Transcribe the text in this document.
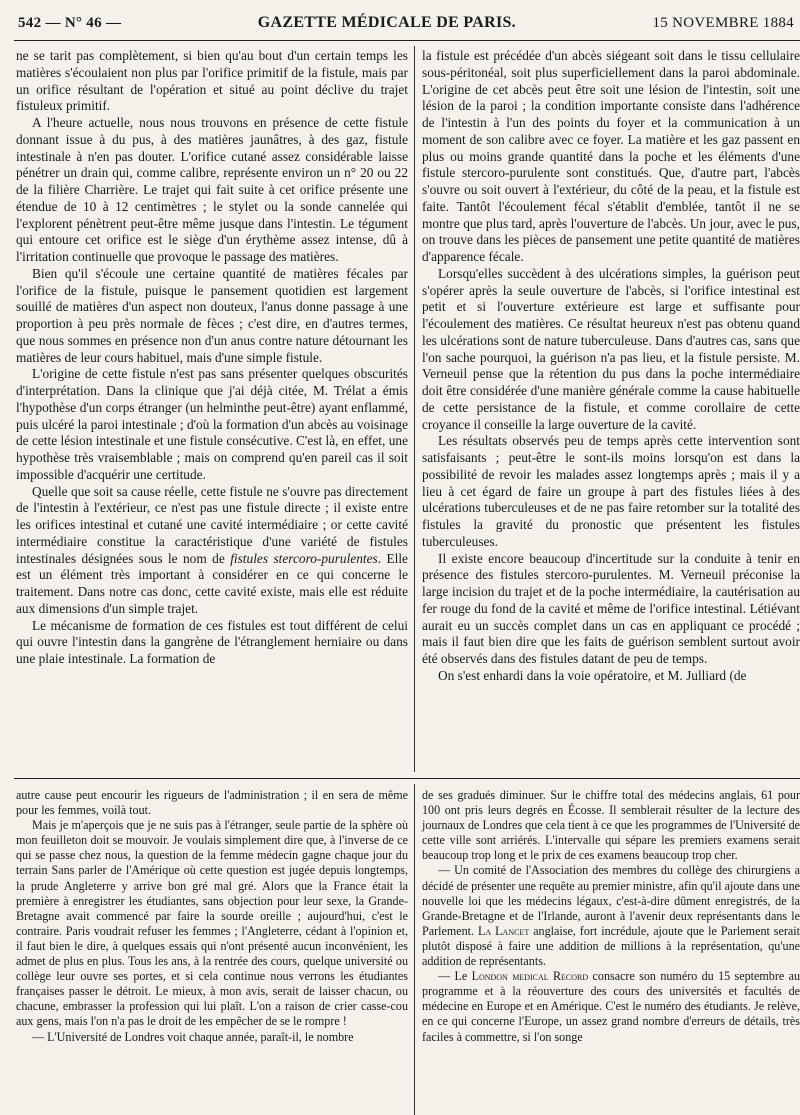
542 — N° 46 —	GAZETTE MÉDICALE DE PARIS.	15 NOVEMBRE 1884

ne se tarit pas complètement, si bien qu'au bout d'un certain temps les matières s'écoulaient non plus par l'orifice primitif de la fistule, mais par un orifice résultant de l'opération et situé au point déclive du trajet fistuleux primitif.

A l'heure actuelle, nous nous trouvons en présence de cette fistule donnant issue à du pus, à des matières jaunâtres, à des gaz, fistule intestinale à n'en pas douter. L'orifice cutané assez considérable laisse pénétrer un drain qui, comme calibre, représente environ un n° 20 ou 22 de la filière Charrière. Le trajet qui fait suite à cet orifice présente une étendue de 10 à 12 centimètres ; le stylet ou la sonde cannelée qui l'explorent pénètrent peut-être même jusque dans l'intestin. Le tégument qui entoure cet orifice est le siège d'un érythème assez intense, dû à l'irritation continuelle que provoque le passage des matières.

Bien qu'il s'écoule une certaine quantité de matières fécales par l'orifice de la fistule, puisque le pansement quotidien est largement souillé de matières d'un aspect non douteux, l'anus donne passage à une proportion à peu près normale de fèces ; c'est dire, en d'autres termes, que nous sommes en présence non d'un anus contre nature détournant les matières de leur cours habituel, mais d'une simple fistule.

L'origine de cette fistule n'est pas sans présenter quelques obscurités d'interprétation. Dans la clinique que j'ai déjà citée, M. Trélat a émis l'hypothèse d'un corps étranger (un helminthe peut-être) ayant enflammé, puis ulcéré la paroi intestinale ; d'où la formation d'un abcès au voisinage de cette lésion intestinale et une fistule consécutive. C'est là, en effet, une hypothèse très vraisemblable ; mais on comprend qu'en pareil cas il soit impossible d'acquérir une certitude.

Quelle que soit sa cause réelle, cette fistule ne s'ouvre pas directement de l'intestin à l'extérieur, ce n'est pas une fistule directe ; il existe entre les orifices intestinal et cutané une cavité intermédiaire ; or cette cavité intermédiaire constitue la caractéristique d'une variété de fistules intestinales désignées sous le nom de fistules stercoro-purulentes. Elle est un élément très important à considérer en ce qui concerne le traitement. Dans notre cas donc, cette cavité existe, mais elle est réduite aux dimensions d'un simple trajet.

Le mécanisme de formation de ces fistules est tout différent de celui qui ouvre l'intestin dans la gangrène de l'étranglement herniaire ou dans une plaie intestinale. La formation de

la fistule est précédée d'un abcès siégeant soit dans le tissu cellulaire sous-péritonéal, soit plus superficiellement dans la paroi abdominale. L'origine de cet abcès peut être soit une lésion de l'intestin, soit une lésion de la paroi ; la condition importante consiste dans l'adhérence de l'intestin à l'un des points du foyer et la communication à un moment de son calibre avec ce foyer. La matière et les gaz passent en plus ou moins grande quantité dans la poche et les éléments d'une fistule stercoro-purulente sont constitués. Que, d'autre part, l'abcès s'ouvre ou soit ouvert à l'extérieur, du côté de la peau, et la fistule est faite. Tantôt l'écoulement fécal s'établit d'emblée, tantôt il ne se montre que plus tard, après l'ouverture de l'abcès. Un jour, avec le pus, on trouve dans les pièces de pansement une petite quantité de matières d'apparence fécale.

Lorsqu'elles succèdent à des ulcérations simples, la guérison peut s'opérer après la seule ouverture de l'abcès, si l'orifice intestinal est petit et si l'ouverture extérieure est large et suffisante pour l'écoulement des matières. Ce résultat heureux n'est pas obtenu quand les ulcérations sont de nature tuberculeuse. Dans d'autres cas, sans que l'on sache pourquoi, la guérison n'a pas lieu, et la fistule persiste. M. Verneuil pense que la rétention du pus dans la poche intermédiaire doit être considérée d'une manière générale comme la cause habituelle de cette persistance de la fistule, et comme corollaire de cette croyance il conseille la large ouverture de la cavité.

Les résultats observés peu de temps après cette intervention sont satisfaisants ; peut-être le sont-ils moins lorsqu'on est dans la possibilité de revoir les malades assez longtemps après ; mais il y a lieu à cet égard de faire un groupe à part des fistules liées à des ulcérations tuberculeuses et de ne pas faire retomber sur la totalité des fistules la gravité du pronostic que présentent les fistules tuberculeuses.

Il existe encore beaucoup d'incertitude sur la conduite à tenir en présence des fistules stercoro-purulentes. M. Verneuil préconise la large incision du trajet et de la poche intermédiaire, la cautérisation au fer rouge du fond de la cavité et même de l'orifice intestinal. Létiévant aurait eu un succès complet dans un cas en appliquant ce procédé ; mais il faut bien dire que les faits de guérison semblent surtout avoir été observés dans des fistules datant de peu de temps.

On s'est enhardi dans la voie opératoire, et M. Julliard (de

autre cause peut encourir les rigueurs de l'administration ; il en sera de même pour les femmes, voilà tout.

Mais je m'aperçois que je ne suis pas à l'étranger, seule partie de la sphère où mon feuilleton doit se mouvoir. Je voulais simplement dire que, à l'inverse de ce qui se passe chez nous, la question de la femme médecin gagne chaque jour du terrain Sans parler de l'Amérique où cette question est jugée depuis longtemps, la prude Angleterre y arrive bon gré mal gré. Alors que la France était la première à enregistrer les étudiantes, sans objection pour leur sexe, la Grande-Bretagne avait commencé par faire la sourde oreille ; aujourd'hui, c'est le contraire. Paris voudrait refuser les femmes ; l'Angleterre, cédant à l'opinion et, il faut bien le dire, à quelques essais qui n'ont présenté aucun inconvénient, les admet de plus en plus. Tous les ans, à la rentrée des cours, quelque université ou collège leur ouvre ses portes, et si cela continue nous verrons les étudiantes françaises passer le détroit. Le mieux, à mon avis, serait de laisser chacun, ou chacune, embrasser la profession qui lui plaît. L'on a raison de crier casse-cou aux gens, mais l'on n'a pas le droit de les empêcher de se le rompre !

— L'Université de Londres voit chaque année, paraît-il, le nombre

de ses gradués diminuer. Sur le chiffre total des médecins anglais, 61 pour 100 ont pris leurs degrés en Écosse. Il semblerait résulter de la lecture des journaux de Londres que cela tient à ce que les programmes de l'Université de cette ville sont arriérés. L'intervalle qui sépare les premiers examens serait beaucoup trop long et le prix de ces examens beaucoup trop cher.

— Un comité de l'Association des membres du collège des chirurgiens a décidé de présenter une requête au premier ministre, afin qu'il ajoute dans une nouvelle loi que les médecins légaux, c'est-à-dire dûment enregistrés, de la Grande-Bretagne et de l'Irlande, auront à l'avenir deux représentants dans le Parlement. La Lancet anglaise, fort incrédule, ajoute que le Parlement serait plutôt disposé à faire une addition de millions à la représentation, qu'une addition de représentants.

— Le London medical Record consacre son numéro du 15 septembre au programme et à la réouverture des cours des universités et facultés de médecine en Europe et en Amérique. C'est le numéro des étudiants. Je relève, en ce qui concerne l'Europe, un assez grand nombre d'erreurs de détails, très faciles à commettre, si l'on songe
